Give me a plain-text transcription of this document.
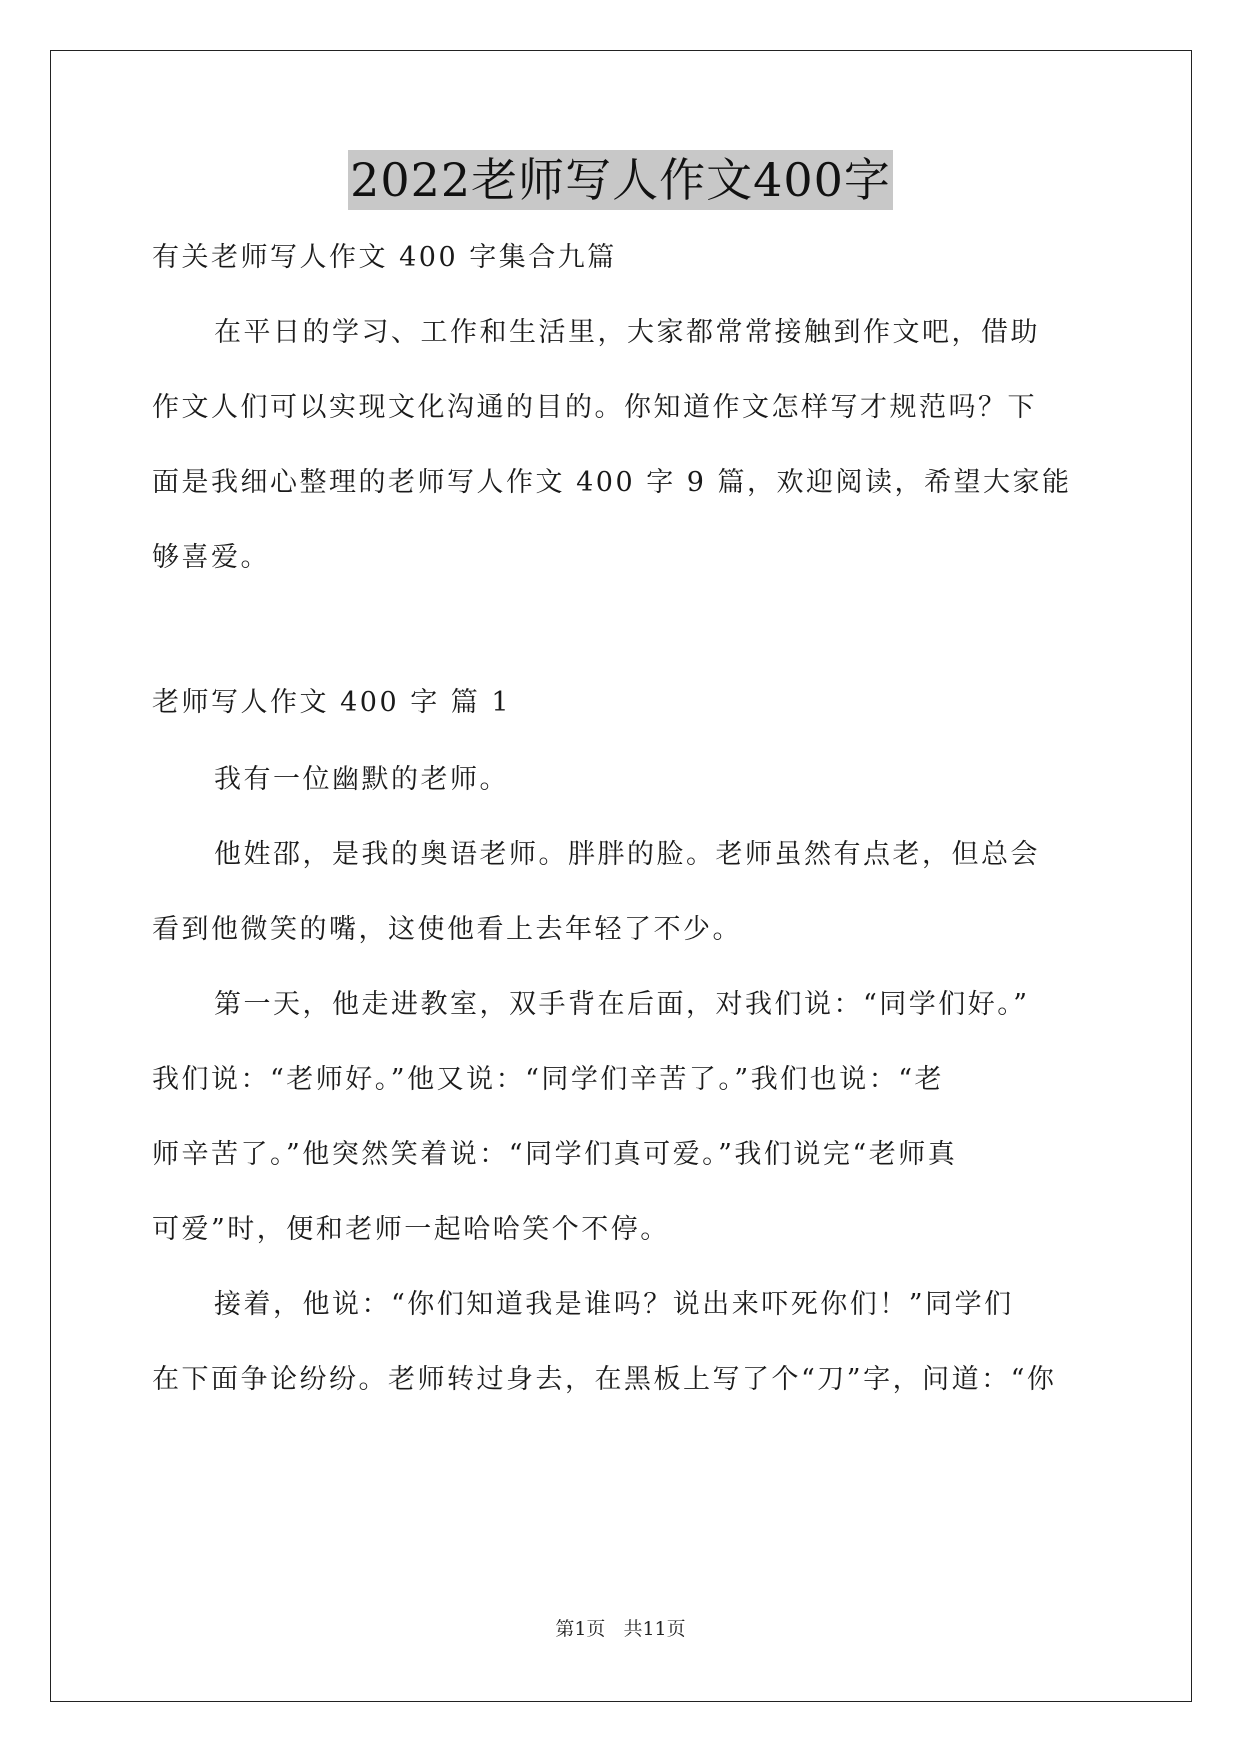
2022老师写人作文400字
有关老师写人作文 400 字集合九篇
在平日的学习、工作和生活里，大家都常常接触到作文吧，借助
作文人们可以实现文化沟通的目的。你知道作文怎样写才规范吗？下
面是我细心整理的老师写人作文 400 字 9 篇，欢迎阅读，希望大家能
够喜爱。
老师写人作文 400 字 篇 1
我有一位幽默的老师。
他姓邵，是我的奥语老师。胖胖的脸。老师虽然有点老，但总会
看到他微笑的嘴，这使他看上去年轻了不少。
第一天，他走进教室，双手背在后面，对我们说：“同学们好。”
我们说：“老师好。”他又说：“同学们辛苦了。”我们也说：“老
师辛苦了。”他突然笑着说：“同学们真可爱。”我们说完“老师真
可爱”时，便和老师一起哈哈笑个不停。
接着，他说：“你们知道我是谁吗？说出来吓死你们！”同学们
在下面争论纷纷。老师转过身去，在黑板上写了个“刀”字，问道：“你
第1页 共11页
